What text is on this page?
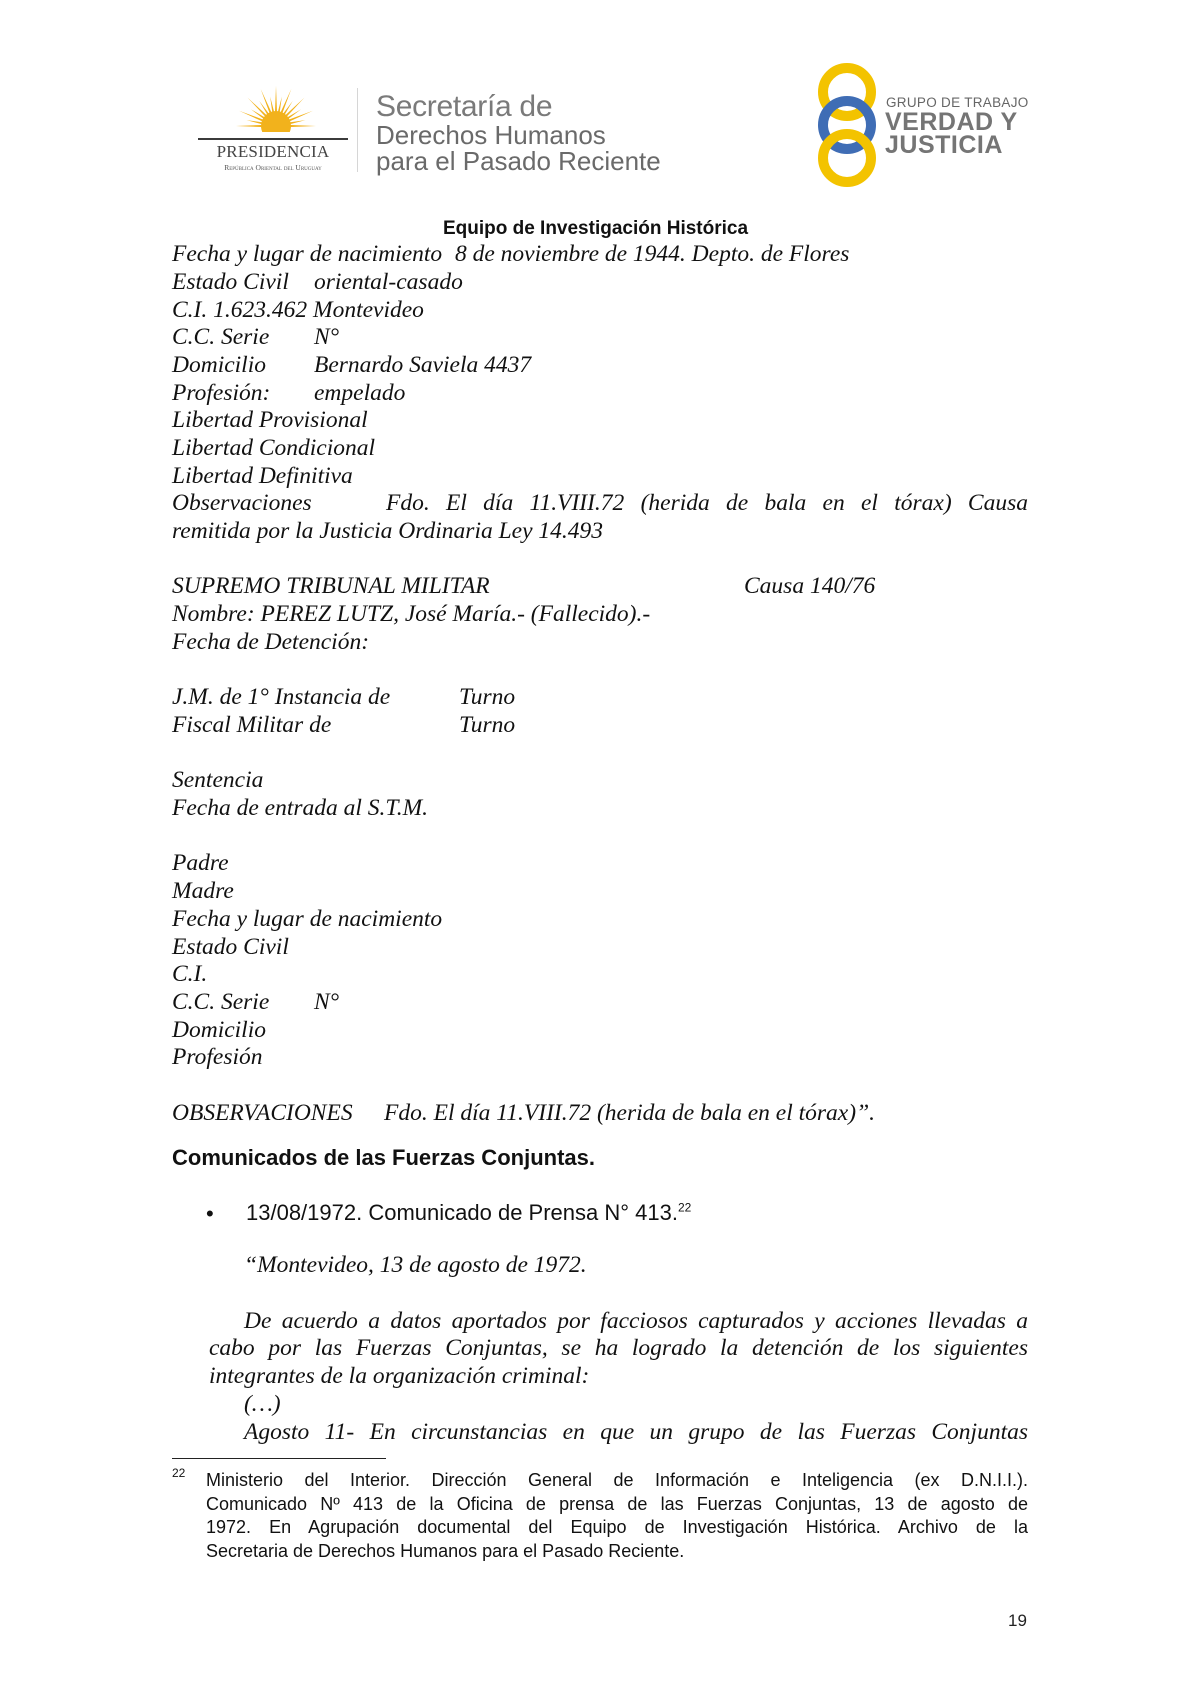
PRESIDENCIA
República Oriental del Uruguay
Secretaría de
Derechos Humanos
para el Pasado Reciente
GRUPO DE TRABAJO
VERDAD Y
JUSTICIA
Equipo de Investigación Histórica
Fecha y lugar de nacimiento 8 de noviembre de 1944. Depto. de Flores
Estado Civil oriental-casado
C.I. 1.623.462 Montevideo
C.C. Serie N°
Domicilio Bernardo Saviela 4437
Profesión: empelado
Libertad Provisional
Libertad Condicional
Libertad Definitiva
Observaciones	Fdo. El día 11.VIII.72 (herida de bala en el tórax) Causa
remitida por la Justicia Ordinaria Ley 14.493
SUPREMO TRIBUNAL MILITAR	Causa 140/76
Nombre: PEREZ LUTZ, José María.- (Fallecido).-
Fecha de Detención:
J.M. de 1° Instancia de	Turno
Fiscal Militar de	Turno
Sentencia
Fecha de entrada al S.T.M.
Padre
Madre
Fecha y lugar de nacimiento
Estado Civil
C.I.
C.C. Serie N°
Domicilio
Profesión
OBSERVACIONES Fdo. El día 11.VIII.72 (herida de bala en el tórax)”.
Comunicados de las Fuerzas Conjuntas.
• 13/08/1972. Comunicado de Prensa N° 413.22
“Montevideo, 13 de agosto de 1972.
De acuerdo a datos aportados por facciosos capturados y acciones llevadas a
cabo por las Fuerzas Conjuntas, se ha logrado la detención de los siguientes
integrantes de la organización criminal:
(…)
Agosto 11- En circunstancias en que un grupo de las Fuerzas Conjuntas
22 Ministerio del Interior. Dirección General de Información e Inteligencia (ex D.N.I.I.).
Comunicado Nº 413 de la Oficina de prensa de las Fuerzas Conjuntas, 13 de agosto de
1972. En Agrupación documental del Equipo de Investigación Histórica. Archivo de la
Secretaria de Derechos Humanos para el Pasado Reciente.
19
